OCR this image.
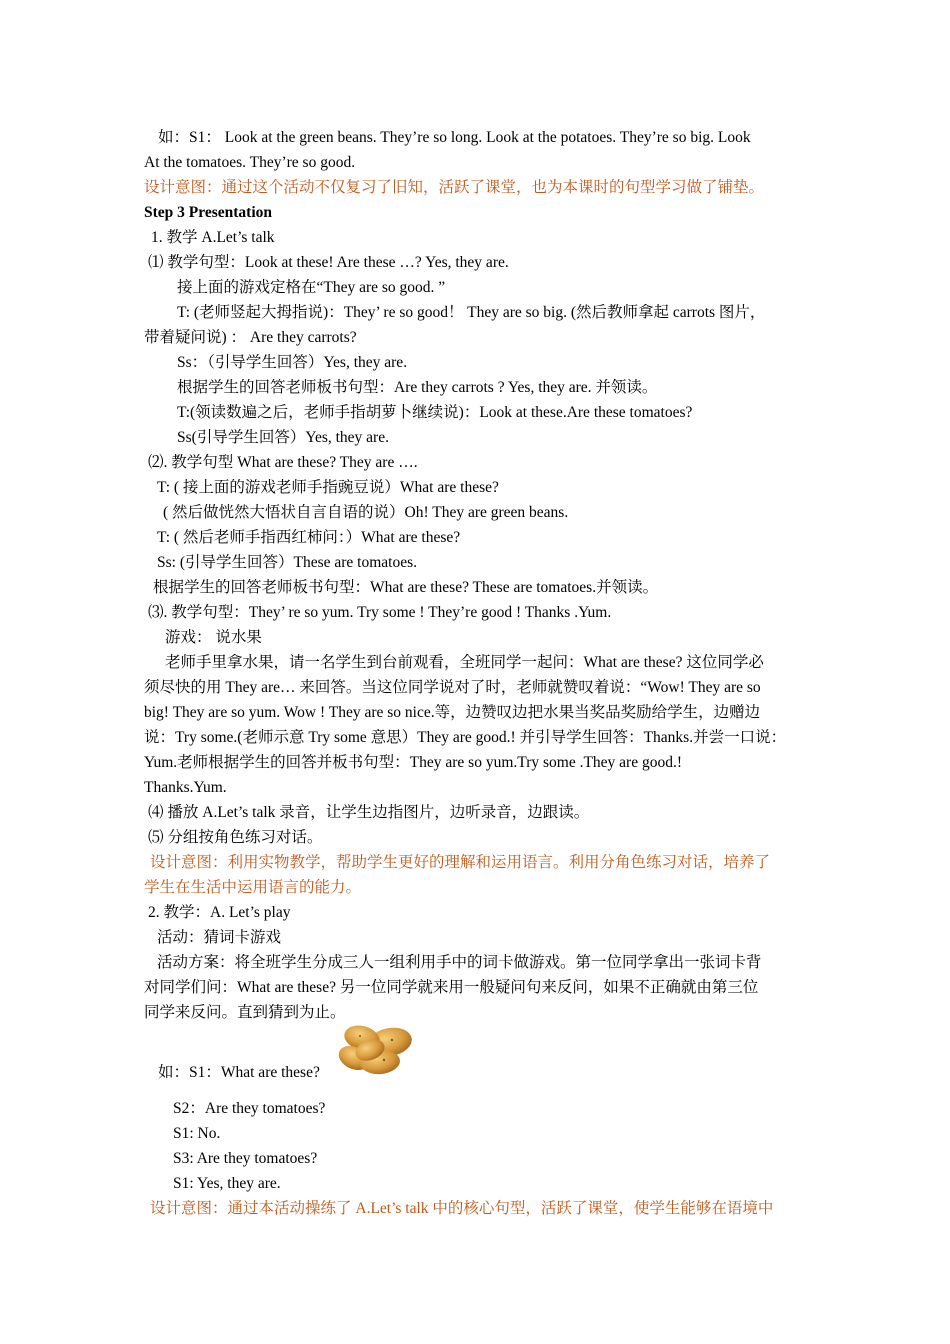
如：S1： Look at the green beans. They’re so long. Look at the potatoes. They’re so big. Look
At the tomatoes. They’re so good.
设计意图：通过这个活动不仅复习了旧知，活跃了课堂，也为本课时的句型学习做了铺垫。
Step 3 Presentation
1. 教学 A.Let’s talk
⑴ 教学句型：Look at these! Are these …? Yes, they are.
接上面的游戏定格在“They are so good. ”
T: (老师竖起大拇指说)：They’ re so good！ They are so big. (然后教师拿起 carrots 图片，
带着疑问说) ： Are they carrots?
Ss：（引导学生回答）Yes, they are.
根据学生的回答老师板书句型：Are they carrots ? Yes, they are. 并领读。
T:(领读数遍之后，老师手指胡萝卜继续说)：Look at these.Are these tomatoes?
Ss(引导学生回答）Yes, they are.
⑵. 教学句型 What are these? They are ….
T: ( 接上面的游戏老师手指豌豆说）What are these?
( 然后做恍然大悟状自言自语的说）Oh! They are green beans.
T: ( 然后老师手指西红柿问：）What are these?
Ss: (引导学生回答）These are tomatoes.
根据学生的回答老师板书句型：What are these? These are tomatoes.并领读。
⑶. 教学句型：They’ re so yum. Try some ! They’re good ! Thanks .Yum.
游戏： 说水果
老师手里拿水果，请一名学生到台前观看，全班同学一起问：What are these? 这位同学必
须尽快的用 They are… 来回答。当这位同学说对了时，老师就赞叹着说：“Wow! They are so
big! They are so yum. Wow ! They are so nice.等，边赞叹边把水果当奖品奖励给学生，边赠边
说：Try some.(老师示意 Try some 意思）They are good.! 并引导学生回答：Thanks.并尝一口说：
Yum.老师根据学生的回答并板书句型：They are so yum.Try some .They are good.!
Thanks.Yum.
⑷ 播放 A.Let’s talk 录音，让学生边指图片，边听录音，边跟读。
⑸ 分组按角色练习对话。
设计意图：利用实物教学，帮助学生更好的理解和运用语言。利用分角色练习对话，培养了
学生在生活中运用语言的能力。
2. 教学：A. Let’s play
活动：猜词卡游戏
活动方案：将全班学生分成三人一组利用手中的词卡做游戏。第一位同学拿出一张词卡背
对同学们问：What are these? 另一位同学就来用一般疑问句来反问，如果不正确就由第三位
同学来反问。直到猜到为止。
如：S1：What are these?
S2：Are they tomatoes?
S1: No.
S3: Are they tomatoes?
S1: Yes, they are.
设计意图：通过本活动操练了 A.Let’s talk 中的核心句型，活跃了课堂，使学生能够在语境中
